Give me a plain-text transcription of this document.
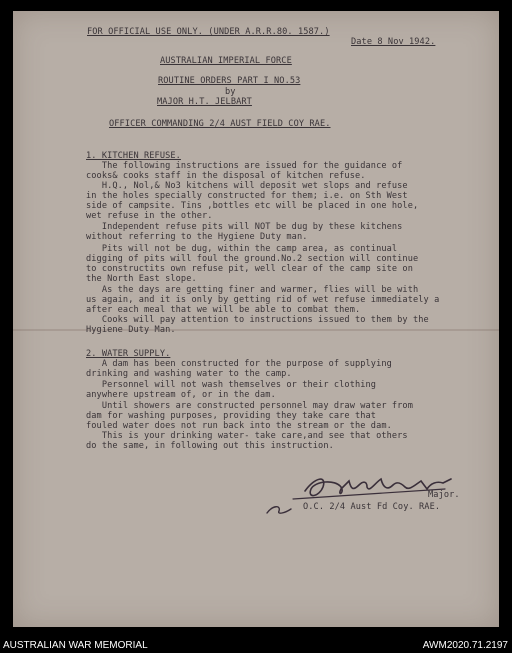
FOR OFFICIAL USE ONLY. (UNDER A.R.R.80. 1587.)
Date 8 Nov 1942.
AUSTRALIAN IMPERIAL FORCE
ROUTINE ORDERS PART I NO.53
by
MAJOR H.T. JELBART
OFFICER COMMANDING 2/4 AUST FIELD COY RAE.
1. KITCHEN REFUSE.
The following instructions are issued for the guidance of
cooks& cooks staff in the disposal of kitchen refuse.
H.Q., Nol,& No3 kitchens will deposit wet slops and refuse
in the holes specially constructed for them; i.e. on Sth West
side of campsite. Tins ,bottles etc will be placed in one hole,
wet refuse in the other.
Independent refuse pits will NOT be dug by these kitchens
without referring to the Hygiene Duty man.
Pits will not be dug, within the camp area, as continual
digging of pits will foul the ground.No.2 section will continue
to constructits own refuse pit, well clear of the camp site on
the North East slope.
As the days are getting finer and warmer, flies will be with
us again, and it is only by getting rid of wet refuse immediately a
after each meal that we will be able to combat them.
Cooks will pay attention to instructions issued to them by the
Hygiene Duty Man.
2. WATER SUPPLY.
A dam has been constructed for the purpose of supplying
drinking and washing water to the camp.
Personnel will not wash themselves or their clothing
anywhere upstream of, or in the dam.
Until showers are constructed personnel may draw water from
dam for washing purposes, providing they take care that
fouled water does not run back into the stream or the dam.
This is your drinking water- take care,and see that others
do the same, in following out this instruction.
Major.
O.C. 2/4 Aust Fd Coy. RAE.
AUSTRALIAN WAR MEMORIAL	AWM2020.71.2197
